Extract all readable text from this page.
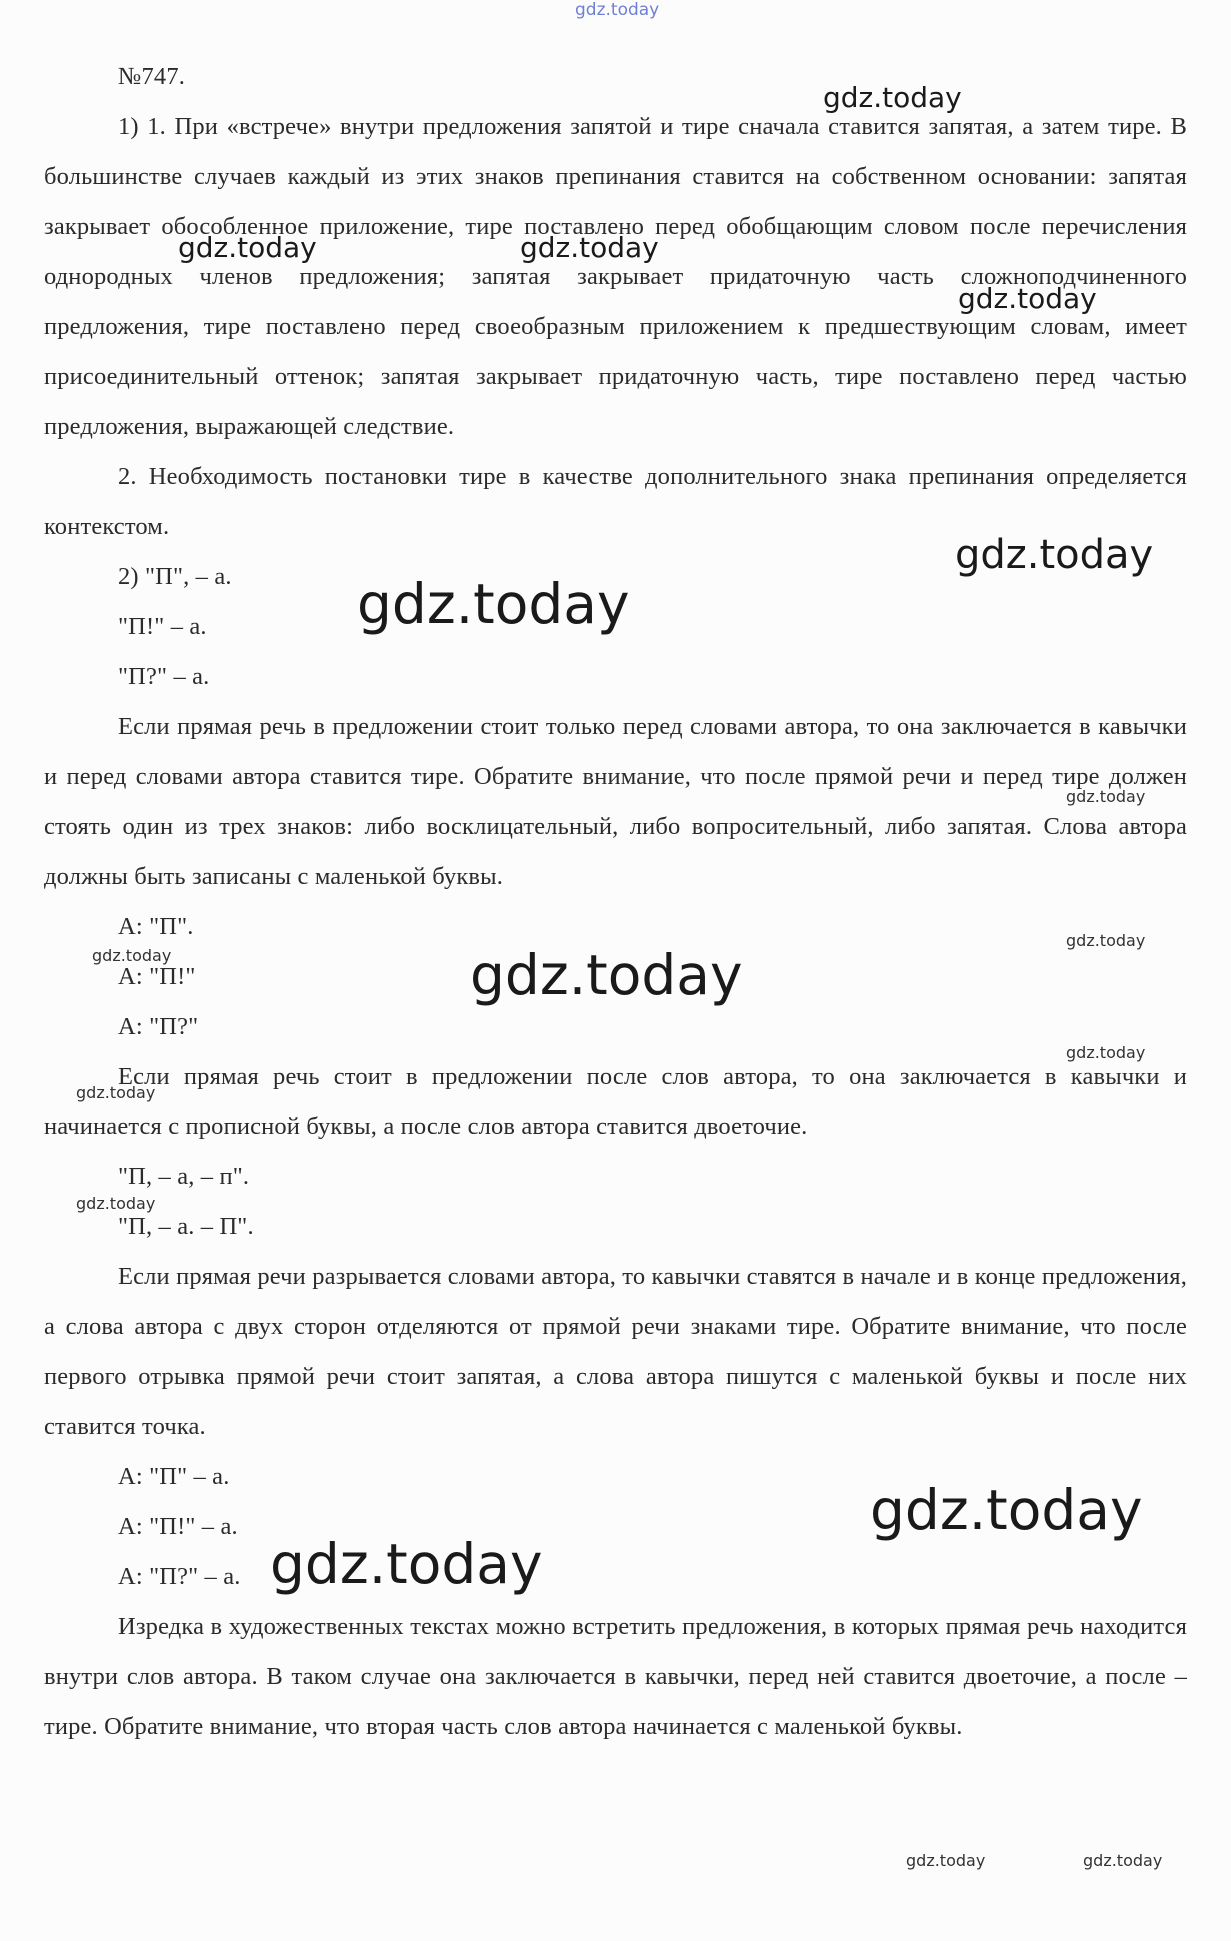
gdz.today

№747.

1) 1. При «встрече» внутри предложения запятой и тире сначала ставится запятая, а затем тире. В большинстве случаев каждый из этих знаков препинания ставится на собственном основании: запятая закрывает обособленное приложение, тире поставлено перед обобщающим словом после перечисления однородных членов предложения; запятая закрывает придаточную часть сложноподчиненного предложения, тире поставлено перед своеобразным приложением к предшествующим словам, имеет присоединительный оттенок; запятая закрывает придаточную часть, тире поставлено перед частью предложения, выражающей следствие.

2. Необходимость постановки тире в качестве дополнительного знака препинания определяется контекстом.

2) "П", – а.

"П!" – а.

"П?" – а.

Если прямая речь в предложении стоит только перед словами автора, то она заключается в кавычки и перед словами автора ставится тире. Обратите внимание, что после прямой речи и перед тире должен стоять один из трех знаков: либо восклицательный, либо вопросительный, либо запятая. Слова автора должны быть записаны с маленькой буквы.

А: "П".

А: "П!"

А: "П?"

Если прямая речь стоит в предложении после слов автора, то она заключается в кавычки и начинается с прописной буквы, а после слов автора ставится двоеточие.

"П, – а, – п".

"П, – а. – П".

Если прямая речи разрывается словами автора, то кавычки ставятся в начале и в конце предложения, а слова автора с двух сторон отделяются от прямой речи знаками тире. Обратите внимание, что после первого отрывка прямой речи стоит запятая, а слова автора пишутся с маленькой буквы и после них ставится точка.

А: "П" – а.

А: "П!" – а.

А: "П?" – а.

Изредка в художественных текстах можно встретить предложения, в которых прямая речь находится внутри слов автора. В таком случае она заключается в кавычки, перед ней ставится двоеточие, а после – тире. Обратите внимание, что вторая часть слов автора начинается с маленькой буквы.

gdz.today
gdz.today	gdz.today
gdz.today
gdz.today
gdz.today
gdz.today
gdz.today
gdz.today	gdz.today
gdz.today
gdz.today
gdz.today
gdz.today
gdz.today
gdz.today	gdz.today
